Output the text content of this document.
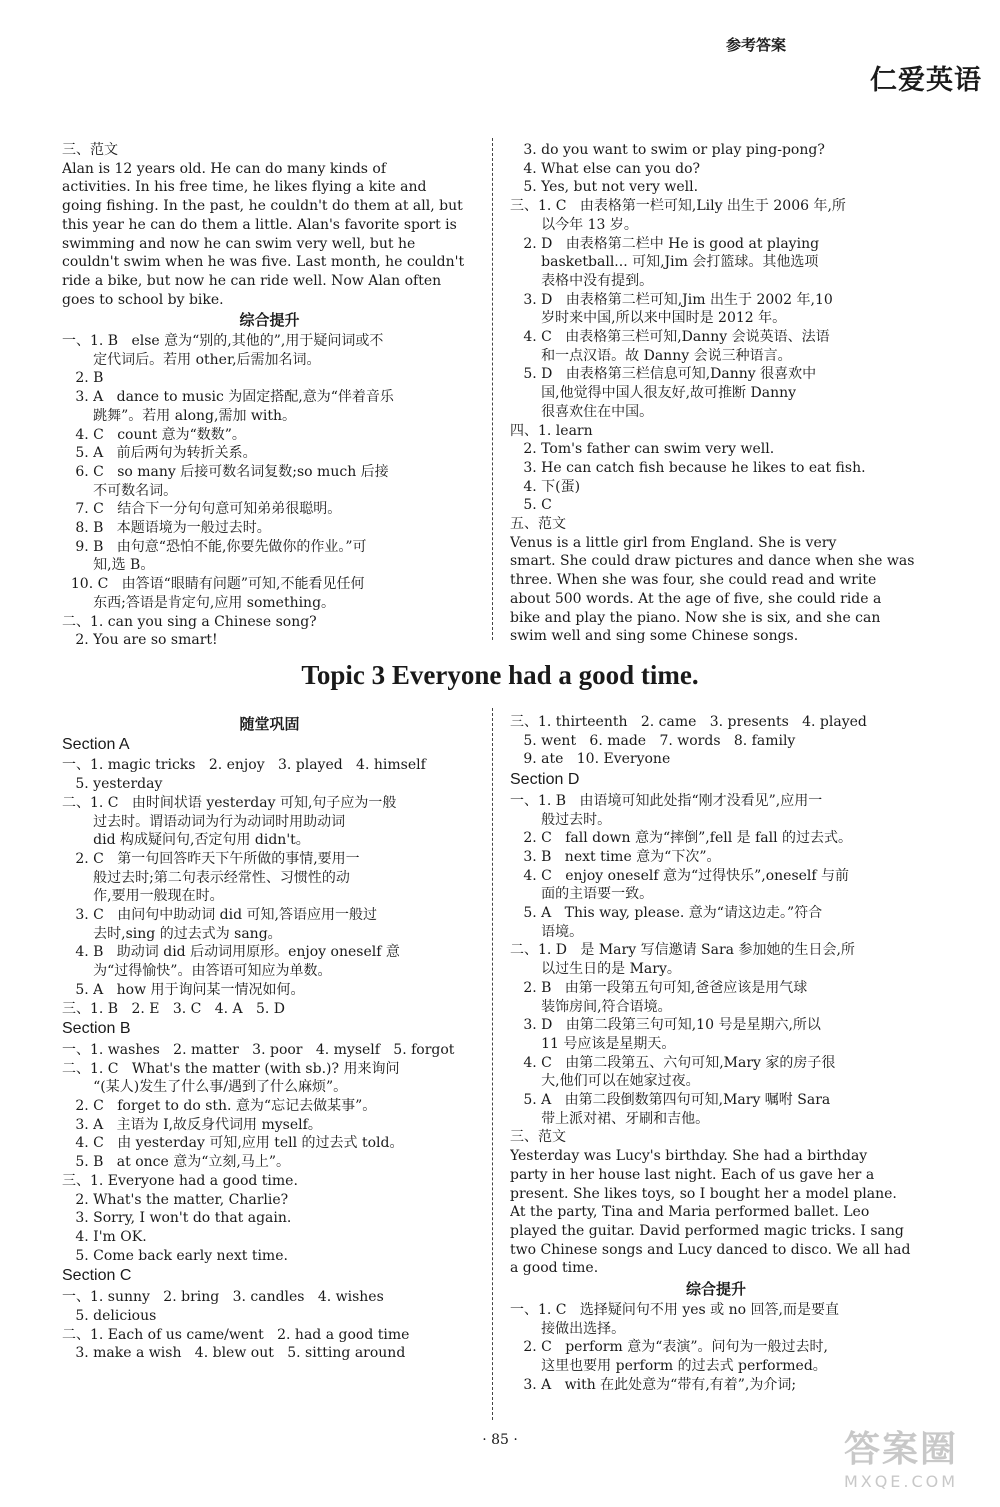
参考答案
仁爱英语
三、范文
Alan is 12 years old. He can do many kinds of
activities. In his free time, he likes flying a kite and
going fishing. In the past, he couldn't do them at all, but
this year he can do them a little. Alan's favorite sport is
swimming and now he can swim very well, but he
couldn't swim when he was five. Last month, he couldn't
ride a bike, but now he can ride well. Now Alan often
goes to school by bike.
综合提升
一、1. B   else 意为“别的,其他的”,用于疑问词或不
定代词后。若用 other,后需加名词。
2. B
3. A   dance to music 为固定搭配,意为“伴着音乐
跳舞”。若用 along,需加 with。
4. C   count 意为“数数”。
5. A   前后两句为转折关系。
6. C   so many 后接可数名词复数;so much 后接
不可数名词。
7. C   结合下一分句句意可知弟弟很聪明。
8. B   本题语境为一般过去时。
9. B   由句意“恐怕不能,你要先做你的作业。”可
知,选 B。
10. C   由答语“眼睛有问题”可知,不能看见任何
东西;答语是肯定句,应用 something。
二、1. can you sing a Chinese song?
2. You are so smart!
3. do you want to swim or play ping-pong?
4. What else can you do?
5. Yes, but not very well.
三、1. C   由表格第一栏可知,Lily 出生于 2006 年,所
以今年 13 岁。
2. D   由表格第二栏中 He is good at playing
basketball... 可知,Jim 会打篮球。其他选项
表格中没有提到。
3. D   由表格第二栏可知,Jim 出生于 2002 年,10
岁时来中国,所以来中国时是 2012 年。
4. C   由表格第三栏可知,Danny 会说英语、法语
和一点汉语。故 Danny 会说三种语言。
5. D   由表格第三栏信息可知,Danny 很喜欢中
国,他觉得中国人很友好,故可推断 Danny
很喜欢住在中国。
四、1. learn
2. Tom's father can swim very well.
3. He can catch fish because he likes to eat fish.
4. 下(蛋)
5. C
五、范文
Venus is a little girl from England. She is very
smart. She could draw pictures and dance when she was
three. When she was four, she could read and write
about 500 words. At the age of five, she could ride a
bike and play the piano. Now she is six, and she can
swim well and sing some Chinese songs.
Topic 3 Everyone had a good time.
随堂巩固
Section A
一、1. magic tricks   2. enjoy   3. played   4. himself
5. yesterday
二、1. C   由时间状语 yesterday 可知,句子应为一般
过去时。谓语动词为行为动词时用助动词
did 构成疑问句,否定句用 didn't。
2. C   第一句回答昨天下午所做的事情,要用一
般过去时;第二句表示经常性、习惯性的动
作,要用一般现在时。
3. C   由问句中助动词 did 可知,答语应用一般过
去时,sing 的过去式为 sang。
4. B   助动词 did 后动词用原形。enjoy oneself 意
为“过得愉快”。由答语可知应为单数。
5. A   how 用于询问某一情况如何。
三、1. B   2. E   3. C   4. A   5. D
Section B
一、1. washes   2. matter   3. poor   4. myself   5. forgot
二、1. C   What's the matter (with sb.)? 用来询问
“(某人)发生了什么事/遇到了什么麻烦”。
2. C   forget to do sth. 意为“忘记去做某事”。
3. A   主语为 I,故反身代词用 myself。
4. C   由 yesterday 可知,应用 tell 的过去式 told。
5. B   at once 意为“立刻,马上”。
三、1. Everyone had a good time.
2. What's the matter, Charlie?
3. Sorry, I won't do that again.
4. I'm OK.
5. Come back early next time.
Section C
一、1. sunny   2. bring   3. candles   4. wishes
5. delicious
二、1. Each of us came/went   2. had a good time
3. make a wish   4. blew out   5. sitting around
三、1. thirteenth   2. came   3. presents   4. played
5. went   6. made   7. words   8. family
9. ate   10. Everyone
Section D
一、1. B   由语境可知此处指“刚才没看见”,应用一
般过去时。
2. C   fall down 意为“摔倒”,fell 是 fall 的过去式。
3. B   next time 意为“下次”。
4. C   enjoy oneself 意为“过得快乐”,oneself 与前
面的主语要一致。
5. A   This way, please. 意为“请这边走。”符合
语境。
二、1. D   是 Mary 写信邀请 Sara 参加她的生日会,所
以过生日的是 Mary。
2. B   由第一段第五句可知,爸爸应该是用气球
装饰房间,符合语境。
3. D   由第二段第三句可知,10 号是星期六,所以
11 号应该是星期天。
4. C   由第二段第五、六句可知,Mary 家的房子很
大,他们可以在她家过夜。
5. A   由第二段倒数第四句可知,Mary 嘱咐 Sara
带上派对裙、牙刷和吉他。
三、范文
Yesterday was Lucy's birthday. She had a birthday
party in her house last night. Each of us gave her a
present. She likes toys, so I bought her a model plane.
At the party, Tina and Maria performed ballet. Leo
played the guitar. David performed magic tricks. I sang
two Chinese songs and Lucy danced to disco. We all had
a good time.
综合提升
一、1. C   选择疑问句不用 yes 或 no 回答,而是要直
接做出选择。
2. C   perform 意为“表演”。问句为一般过去时,
这里也要用 perform 的过去式 performed。
3. A   with 在此处意为“带有,有着”,为介词;
· 85 ·	答案圈
MXQE.COM
